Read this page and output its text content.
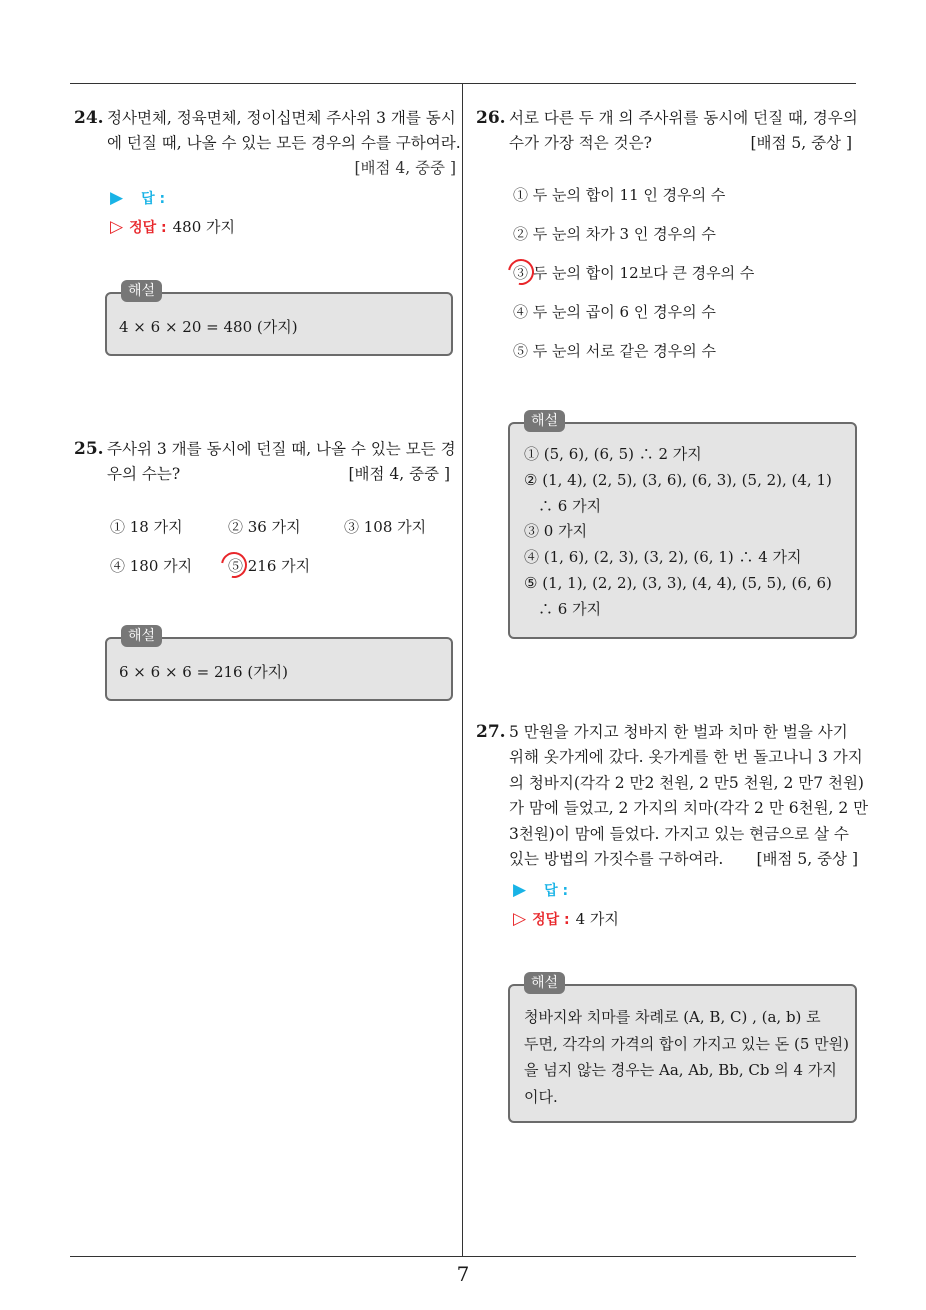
24. 정사면체, 정육면체, 정이십면체 주사위 3 개를 동시
에 던질 때, 나올 수 있는 모든 경우의 수를 구하여라.
[배점 4, 중중 ]
▶ 답 :
▷ 정답 : 480 가지
해설
4 × 6 × 20 = 480 (가지)
25. 주사위 3 개를 동시에 던질 때, 나올 수 있는 모든 경
우의 수는?	[배점 4, 중중 ]
① 18 가지	② 36 가지	③ 108 가지
④ 180 가지 ⑤ 216 가지
해설
6 × 6 × 6 = 216 (가지)
26. 서로 다른 두 개 의 주사위를 동시에 던질 때, 경우의
수가 가장 적은 것은?	[배점 5, 중상 ]
① 두 눈의 합이 11 인 경우의 수
② 두 눈의 차가 3 인 경우의 수
③ 두 눈의 합이 12보다 큰 경우의 수
④ 두 눈의 곱이 6 인 경우의 수
⑤ 두 눈의 서로 같은 경우의 수
해설
① (5, 6), (6, 5) ∴ 2 가지
② (1, 4), (2, 5), (3, 6), (6, 3), (5, 2), (4, 1)
∴ 6 가지
③ 0 가지
④ (1, 6), (2, 3), (3, 2), (6, 1) ∴ 4 가지
⑤ (1, 1), (2, 2), (3, 3), (4, 4), (5, 5), (6, 6)
∴ 6 가지
27. 5 만원을 가지고 청바지 한 벌과 치마 한 벌을 사기
위해 옷가게에 갔다. 옷가게를 한 번 돌고나니 3 가지
의 청바지(각각 2 만2 천원, 2 만5 천원, 2 만7 천원)
가 맘에 들었고, 2 가지의 치마(각각 2 만 6천원, 2 만
3천원)이 맘에 들었다. 가지고 있는 현금으로 살 수
있는 방법의 가짓수를 구하여라. [배점 5, 중상 ]
▶ 답 :
▷ 정답 : 4 가지
해설
청바지와 치마를 차례로 (A, B, C) , (a, b) 로
두면, 각각의 가격의 합이 가지고 있는 돈 (5 만원)
을 넘지 않는 경우는 Aa, Ab, Bb, Cb 의 4 가지
이다.
7
